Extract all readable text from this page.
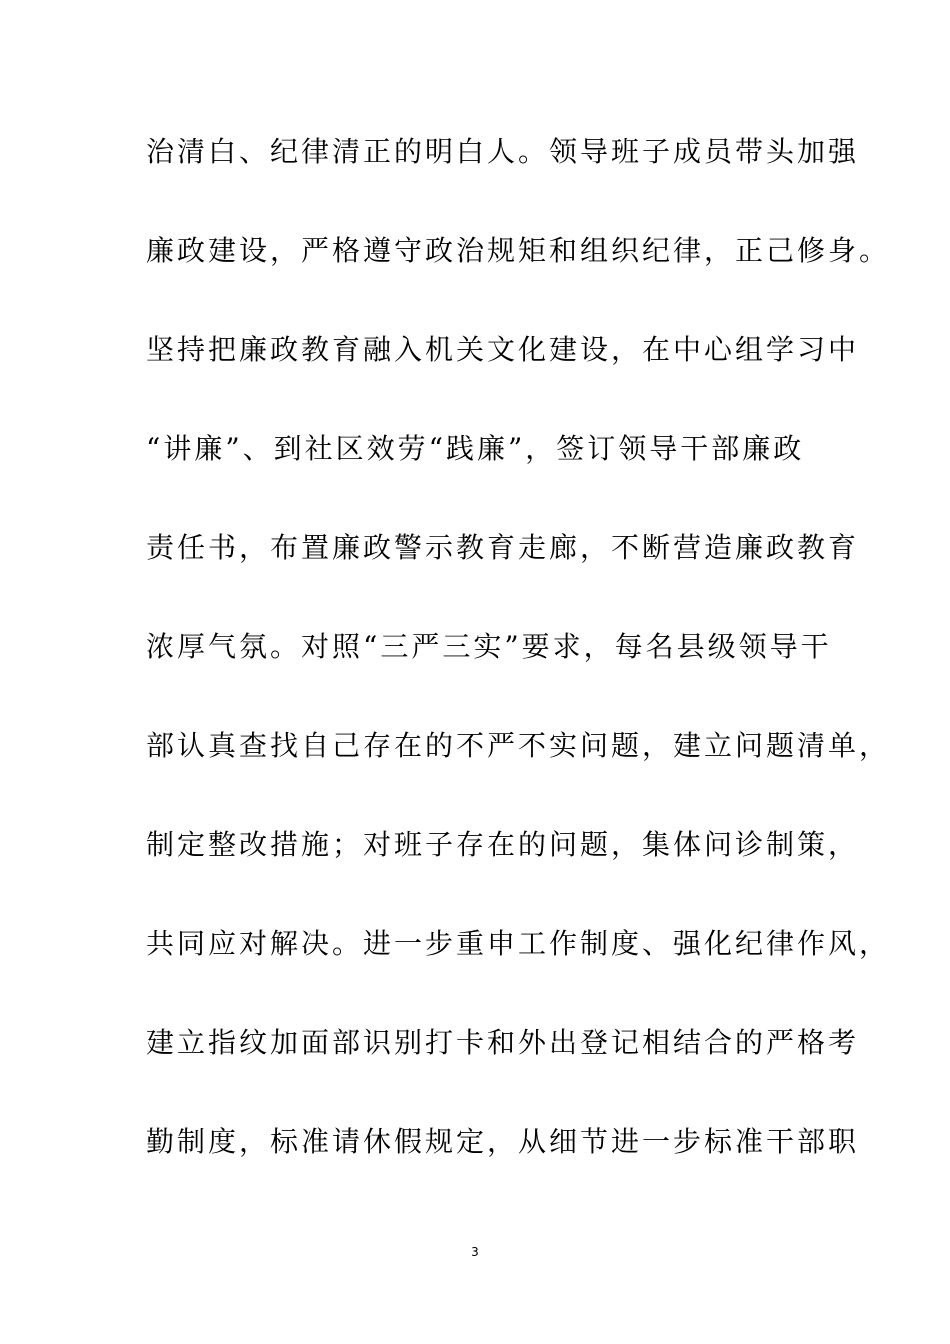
治清白、纪律清正的明白人。领导班子成员带头加强
廉政建设，严格遵守政治规矩和组织纪律，正己修身。
坚持把廉政教育融入机关文化建设，在中心组学习中
“讲廉”、到社区效劳“践廉”，签订领导干部廉政
责任书，布置廉政警示教育走廊，不断营造廉政教育
浓厚气氛。对照“三严三实”要求，每名县级领导干
部认真查找自己存在的不严不实问题，建立问题清单，
制定整改措施；对班子存在的问题，集体问诊制策，
共同应对解决。进一步重申工作制度、强化纪律作风，
建立指纹加面部识别打卡和外出登记相结合的严格考
勤制度，标准请休假规定，从细节进一步标准干部职
3
